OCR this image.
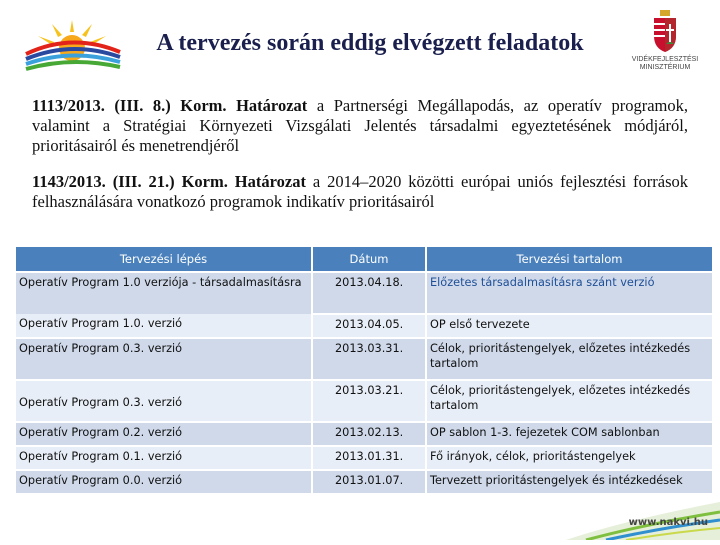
A tervezés során eddig elvégzett feladatok
VIDÉKFEJLESZTÉSI
MINISZTÉRIUM
1113/2013. (III. 8.) Korm. Határozat a Partnerségi Megállapodás, az operatív programok, valamint a Stratégiai Környezeti Vizsgálati Jelentés társadalmi egyeztetésének módjáról, prioritásairól és menetrendjéről
1143/2013. (III. 21.) Korm. Határozat a 2014–2020 közötti európai uniós fejlesztési források felhasználására vonatkozó programok indikatív prioritásairól
Tervezési lépés	Dátum	Tervezési tartalom
Operatív Program 1.0 verziója - társadalmasításra	2013.04.18.	Előzetes társadalmasításra szánt verzió
Operatív Program 1.0. verzió	2013.04.05.	OP első tervezete
Operatív Program 0.3. verzió	2013.03.31.	Célok, prioritástengelyek, előzetes intézkedés tartalom
Operatív Program 0.3. verzió	2013.03.21.	Célok, prioritástengelyek, előzetes intézkedés tartalom
Operatív Program 0.2. verzió	2013.02.13.	OP sablon 1-3. fejezetek COM sablonban
Operatív Program 0.1. verzió	2013.01.31.	Fő irányok, célok, prioritástengelyek
Operatív Program 0.0. verzió	2013.01.07.	Tervezett prioritástengelyek és intézkedések
www.nakvi.hu
